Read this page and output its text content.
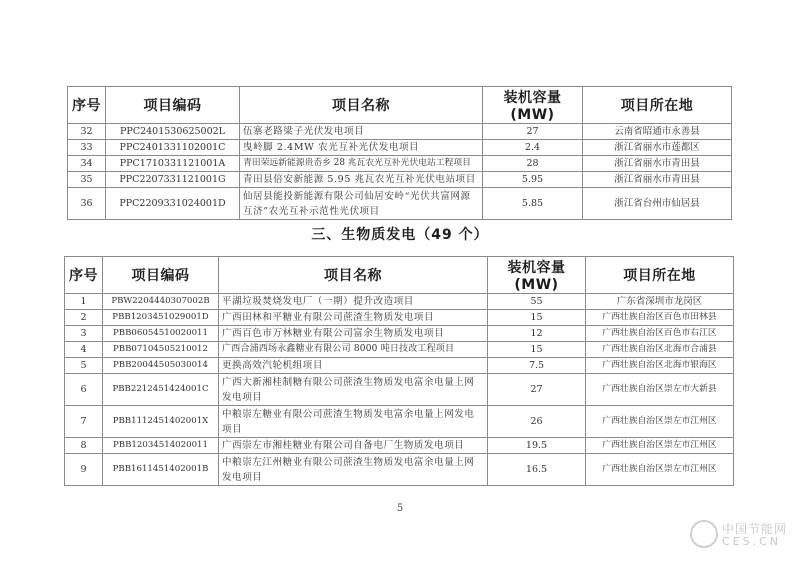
序号	项目编码	项目名称	装机容量(MW)	项目所在地
32	PPC2401530625002L	伍寨老路梁子光伏发电项目	27	云南省昭通市永善县
33	PPC2401331102001C	曳岭脚 2.4MW 农光互补光伏发电项目	2.4	浙江省丽水市莲都区
34	PPC1710331121001A	青田荣远新能源贵岙乡 28 兆瓦农光互补光伏电站工程项目	28	浙江省丽水市青田县
35	PPC2207331121001G	青田县倍安新能源 5.95 兆瓦农光互补光伏电站项目	5.95	浙江省丽水市青田县
36	PPC2209331024001D	仙居县能投新能源有限公司仙居安岭“光伏共富网源互济”农光互补示范性光伏项目	5.85	浙江省台州市仙居县
三、生物质发电（49 个）
序号	项目编码	项目名称	装机容量(MW)	项目所在地
1	PBW2204440307002B	平湖垃圾焚烧发电厂（一期）提升改造项目	55	广东省深圳市龙岗区
2	PBB1203451029001D	广西田林和平糖业有限公司蔗渣生物质发电项目	15	广西壮族自治区百色市田林县
3	PBB06054510020011	广西百色市万林糖业有限公司富余生物质发电项目	12	广西壮族自治区百色市右江区
4	PBB07104505210012	广西合浦西场永鑫糖业有限公司 8000 吨日技改工程项目	15	广西壮族自治区北海市合浦县
5	PBB20044505030014	更换高效汽轮机组项目	7.5	广西壮族自治区北海市银海区
6	PBB2212451424001C	广西大新湘桂制糖有限公司蔗渣生物质发电富余电量上网发电项目	27	广西壮族自治区崇左市大新县
7	PBB1112451402001X	中粮崇左糖业有限公司蔗渣生物质发电富余电量上网发电项目	26	广西壮族自治区崇左市江州区
8	PBB12034514020011	广西崇左市湘桂糖业有限公司自备电厂生物质发电项目	19.5	广西壮族自治区崇左市江州区
9	PBB1611451402001B	中粮崇左江州糖业有限公司蔗渣生物质发电富余电量上网发电项目	16.5	广西壮族自治区崇左市江州区
5
中国节能网
CES.CN
